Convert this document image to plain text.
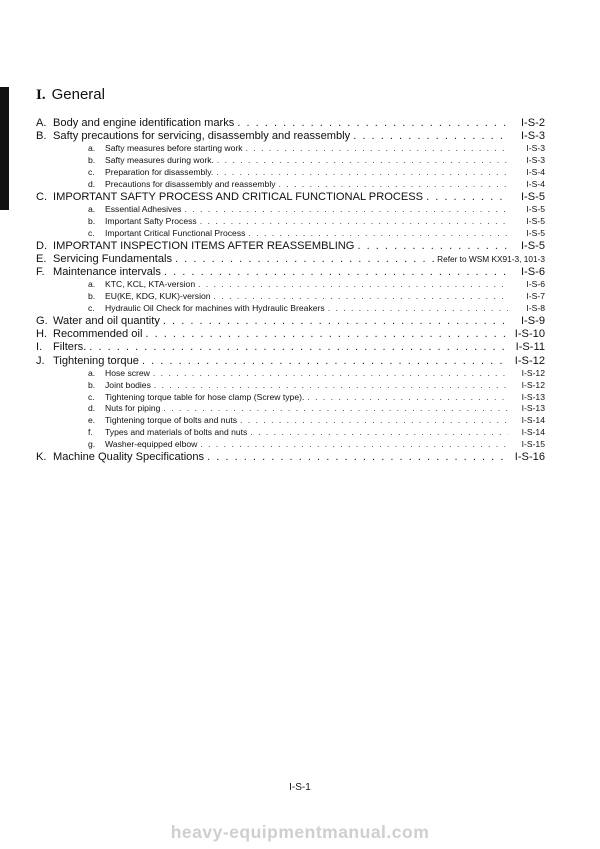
I. General
A. Body and engine identification marks . . .	I-S-2
B. Safty precautions for servicing, disassembly and reassembly . . .	I-S-3
a.	Safty measures before starting work . . .	I-S-3
b.	Safty measures during work. . . .	I-S-3
c.	Preparation for disassembly. . . .	I-S-4
d.	Precautions for disassembly and reassembly . . .	I-S-4
C. IMPORTANT SAFTY PROCESS AND CRITICAL FUNCTIONAL PROCESS . . .	I-S-5
a.	Essential Adhesives . . .	I-S-5
b.	Important Safty Process . . .	I-S-5
c.	Important Critical Functional Process . . .	I-S-5
D. IMPORTANT INSPECTION ITEMS AFTER REASSEMBLING . . .	I-S-5
E. Servicing Fundamentals . . .	Refer to WSM KX91-3, 101-3
F. Maintenance intervals . . .	I-S-6
a.	KTC, KCL, KTA-version . . .	I-S-6
b.	EU(KE, KDG, KUK)-version . . .	I-S-7
c.	Hydraulic Oil Check for machines with Hydraulic Breakers . . .	I-S-8
G. Water and oil quantity . . .	I-S-9
H. Recommended oil . . .	I-S-10
I. Filters. . . .	I-S-11
J. Tightening torque . . .	I-S-12
a.	Hose screw . . .	I-S-12
b.	Joint bodies . . .	I-S-12
c.	Tightening torque table for hose clamp (Screw type). . . .	I-S-13
d.	Nuts for piping . . .	I-S-13
e.	Tightening torque of bolts and nuts . . .	I-S-14
f.	Types and materials of bolts and nuts . . .	I-S-14
g.	Washer-equipped elbow . . .	I-S-15
K. Machine Quality Specifications . . .	I-S-16
I-S-1
heavy-equipmentmanual.com
